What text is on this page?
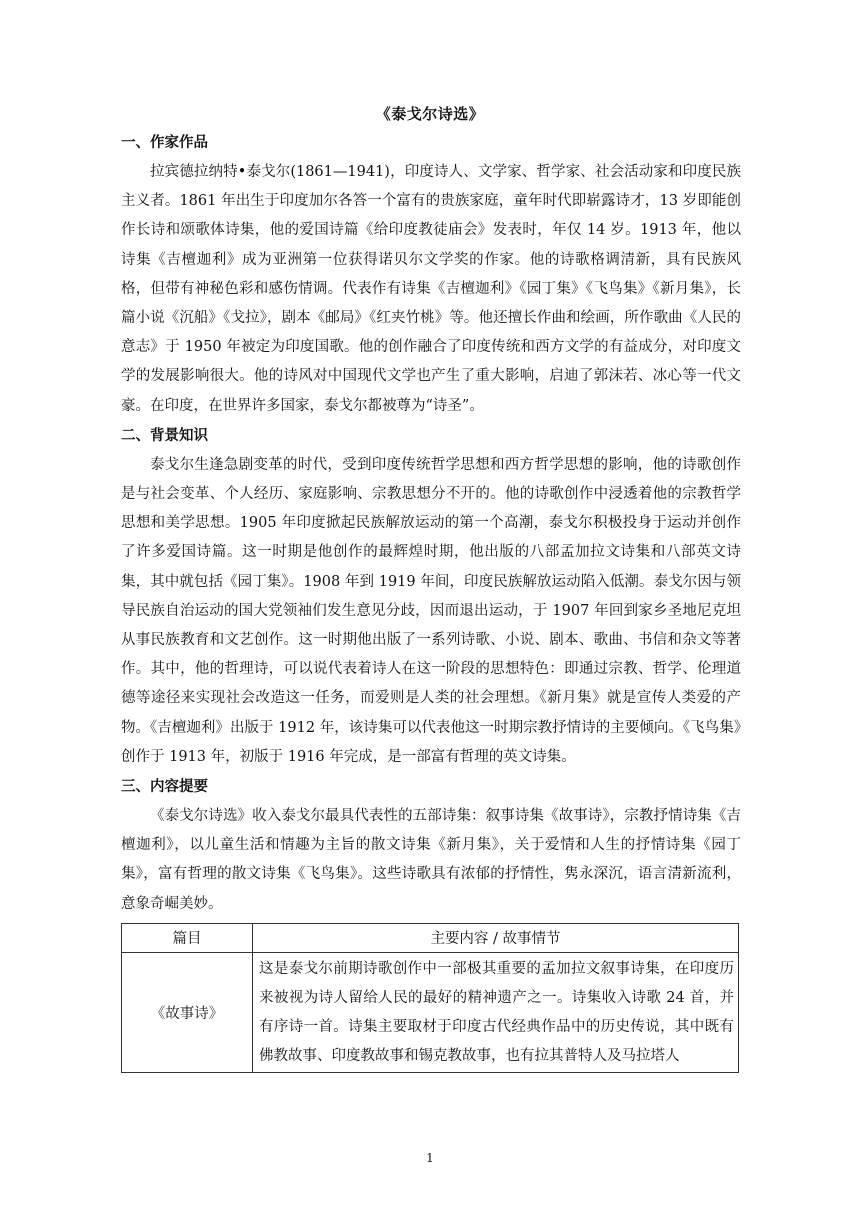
《泰戈尔诗选》

一、作家作品

拉宾德拉纳特•泰戈尔(1861—1941)，印度诗人、文学家、哲学家、社会活动家和印度民族主义者。1861 年出生于印度加尔各答一个富有的贵族家庭，童年时代即崭露诗才，13 岁即能创作长诗和颂歌体诗集，他的爱国诗篇《给印度教徒庙会》发表时，年仅 14 岁。1913 年，他以诗集《吉檀迦利》成为亚洲第一位获得诺贝尔文学奖的作家。他的诗歌格调清新，具有民族风格，但带有神秘色彩和感伤情调。代表作有诗集《吉檀迦利》《园丁集》《飞鸟集》《新月集》，长篇小说《沉船》《戈拉》，剧本《邮局》《红夹竹桃》等。他还擅长作曲和绘画，所作歌曲《人民的意志》于 1950 年被定为印度国歌。他的创作融合了印度传统和西方文学的有益成分，对印度文学的发展影响很大。他的诗风对中国现代文学也产生了重大影响，启迪了郭沫若、冰心等一代文豪。在印度，在世界许多国家，泰戈尔都被尊为“诗圣”。

二、背景知识

泰戈尔生逢急剧变革的时代，受到印度传统哲学思想和西方哲学思想的影响，他的诗歌创作是与社会变革、个人经历、家庭影响、宗教思想分不开的。他的诗歌创作中浸透着他的宗教哲学思想和美学思想。1905 年印度掀起民族解放运动的第一个高潮，泰戈尔积极投身于运动并创作了许多爱国诗篇。这一时期是他创作的最辉煌时期，他出版的八部孟加拉文诗集和八部英文诗集，其中就包括《园丁集》。1908 年到 1919 年间，印度民族解放运动陷入低潮。泰戈尔因与领导民族自治运动的国大党领袖们发生意见分歧，因而退出运动，于 1907 年回到家乡圣地尼克坦从事民族教育和文艺创作。这一时期他出版了一系列诗歌、小说、剧本、歌曲、书信和杂文等著作。其中，他的哲理诗，可以说代表着诗人在这一阶段的思想特色：即通过宗教、哲学、伦理道德等途径来实现社会改造这一任务，而爱则是人类的社会理想。《新月集》就是宣传人类爱的产物。《吉檀迦利》出版于 1912 年，该诗集可以代表他这一时期宗教抒情诗的主要倾向。《飞鸟集》创作于 1913 年，初版于 1916 年完成，是一部富有哲理的英文诗集。

三、内容提要

《泰戈尔诗选》收入泰戈尔最具代表性的五部诗集：叙事诗集《故事诗》，宗教抒情诗集《吉檀迦利》，以儿童生活和情趣为主旨的散文诗集《新月集》，关于爱情和人生的抒情诗集《园丁集》，富有哲理的散文诗集《飞鸟集》。这些诗歌具有浓郁的抒情性，隽永深沉，语言清新流利，意象奇崛美妙。

篇目	主要内容 / 故事情节
《故事诗》	这是泰戈尔前期诗歌创作中一部极其重要的孟加拉文叙事诗集，在印度历来被视为诗人留给人民的最好的精神遗产之一。诗集收入诗歌 24 首，并有序诗一首。诗集主要取材于印度古代经典作品中的历史传说，其中既有佛教故事、印度教故事和锡克教故事，也有拉其普特人及马拉塔人
1
